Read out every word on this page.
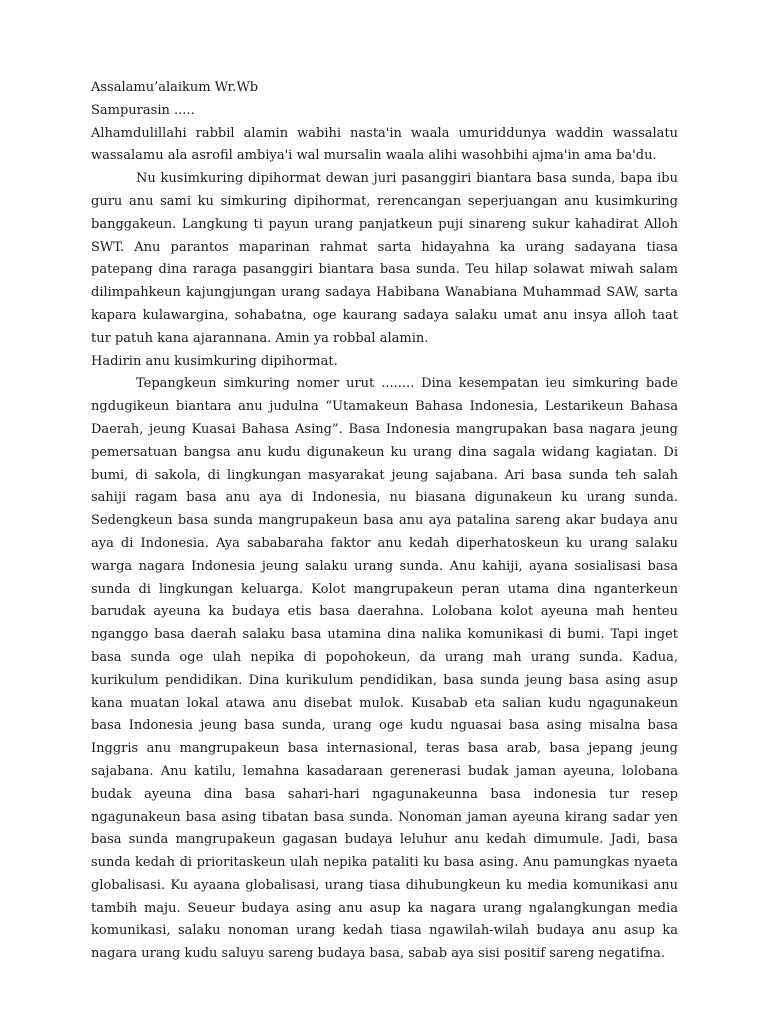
Assalamu’alaikum Wr.Wb

Sampurasin .....

Alhamdulillahi rabbil alamin wabihi nasta'in waala umuriddunya waddin wassalatu wassalamu ala asrofil ambiya'i wal mursalin waala alihi wasohbihi ajma'in ama ba'du.

Nu kusimkuring dipihormat dewan juri pasanggiri biantara basa sunda, bapa ibu guru anu sami ku simkuring dipihormat, rerencangan seperjuangan anu kusimkuring banggakeun. Langkung ti payun urang panjatkeun puji sinareng sukur kahadirat Alloh SWT. Anu parantos maparinan rahmat sarta hidayahna ka urang sadayana tiasa patepang dina raraga pasanggiri biantara basa sunda. Teu hilap solawat miwah salam dilimpahkeun kajungjungan urang sadaya Habibana Wanabiana Muhammad SAW, sarta kapara kulawargina, sohabatna, oge kaurang sadaya salaku umat anu insya alloh taat tur patuh kana ajarannana. Amin ya robbal alamin.

Hadirin anu kusimkuring dipihormat.

Tepangkeun simkuring nomer urut ........ Dina kesempatan ieu simkuring bade ngdugikeun biantara anu judulna “Utamakeun Bahasa Indonesia, Lestarikeun Bahasa Daerah, jeung Kuasai Bahasa Asing”. Basa Indonesia mangrupakan basa nagara jeung pemersatuan bangsa anu kudu digunakeun ku urang dina sagala widang kagiatan. Di bumi, di sakola, di lingkungan masyarakat jeung sajabana. Ari basa sunda teh salah sahiji ragam basa anu aya di Indonesia, nu biasana digunakeun ku urang sunda. Sedengkeun basa sunda mangrupakeun basa anu aya patalina sareng akar budaya anu aya di Indonesia. Aya sababaraha faktor anu kedah diperhatoskeun ku urang salaku warga nagara Indonesia jeung salaku urang sunda. Anu kahiji, ayana sosialisasi basa sunda di lingkungan keluarga. Kolot mangrupakeun peran utama dina nganterkeun barudak ayeuna ka budaya etis basa daerahna. Lolobana kolot ayeuna mah henteu nganggo basa daerah salaku basa utamina dina nalika komunikasi di bumi. Tapi inget basa sunda oge ulah nepika di popohokeun, da urang mah urang sunda. Kadua, kurikulum pendidikan. Dina kurikulum pendidikan, basa sunda jeung basa asing asup kana muatan lokal atawa anu disebat mulok. Kusabab eta salian kudu ngagunakeun basa Indonesia jeung basa sunda, urang oge kudu nguasai basa asing misalna basa Inggris anu mangrupakeun basa internasional, teras basa arab, basa jepang jeung sajabana. Anu katilu, lemahna kasadaraan gerenerasi budak jaman ayeuna, lolobana budak ayeuna dina basa sahari-hari ngagunakeunna basa indonesia tur resep ngagunakeun basa asing tibatan basa sunda. Nonoman jaman ayeuna kirang sadar yen basa sunda mangrupakeun gagasan budaya leluhur anu kedah dimumule. Jadi, basa sunda kedah di prioritaskeun ulah nepika pataliti ku basa asing. Anu pamungkas nyaeta globalisasi. Ku ayaana globalisasi, urang tiasa dihubungkeun ku media komunikasi anu tambih maju. Seueur budaya asing anu asup ka nagara urang ngalangkungan media komunikasi, salaku nonoman urang kedah tiasa ngawilah-wilah budaya anu asup ka nagara urang kudu saluyu sareng budaya basa, sabab aya sisi positif sareng negatifna.
